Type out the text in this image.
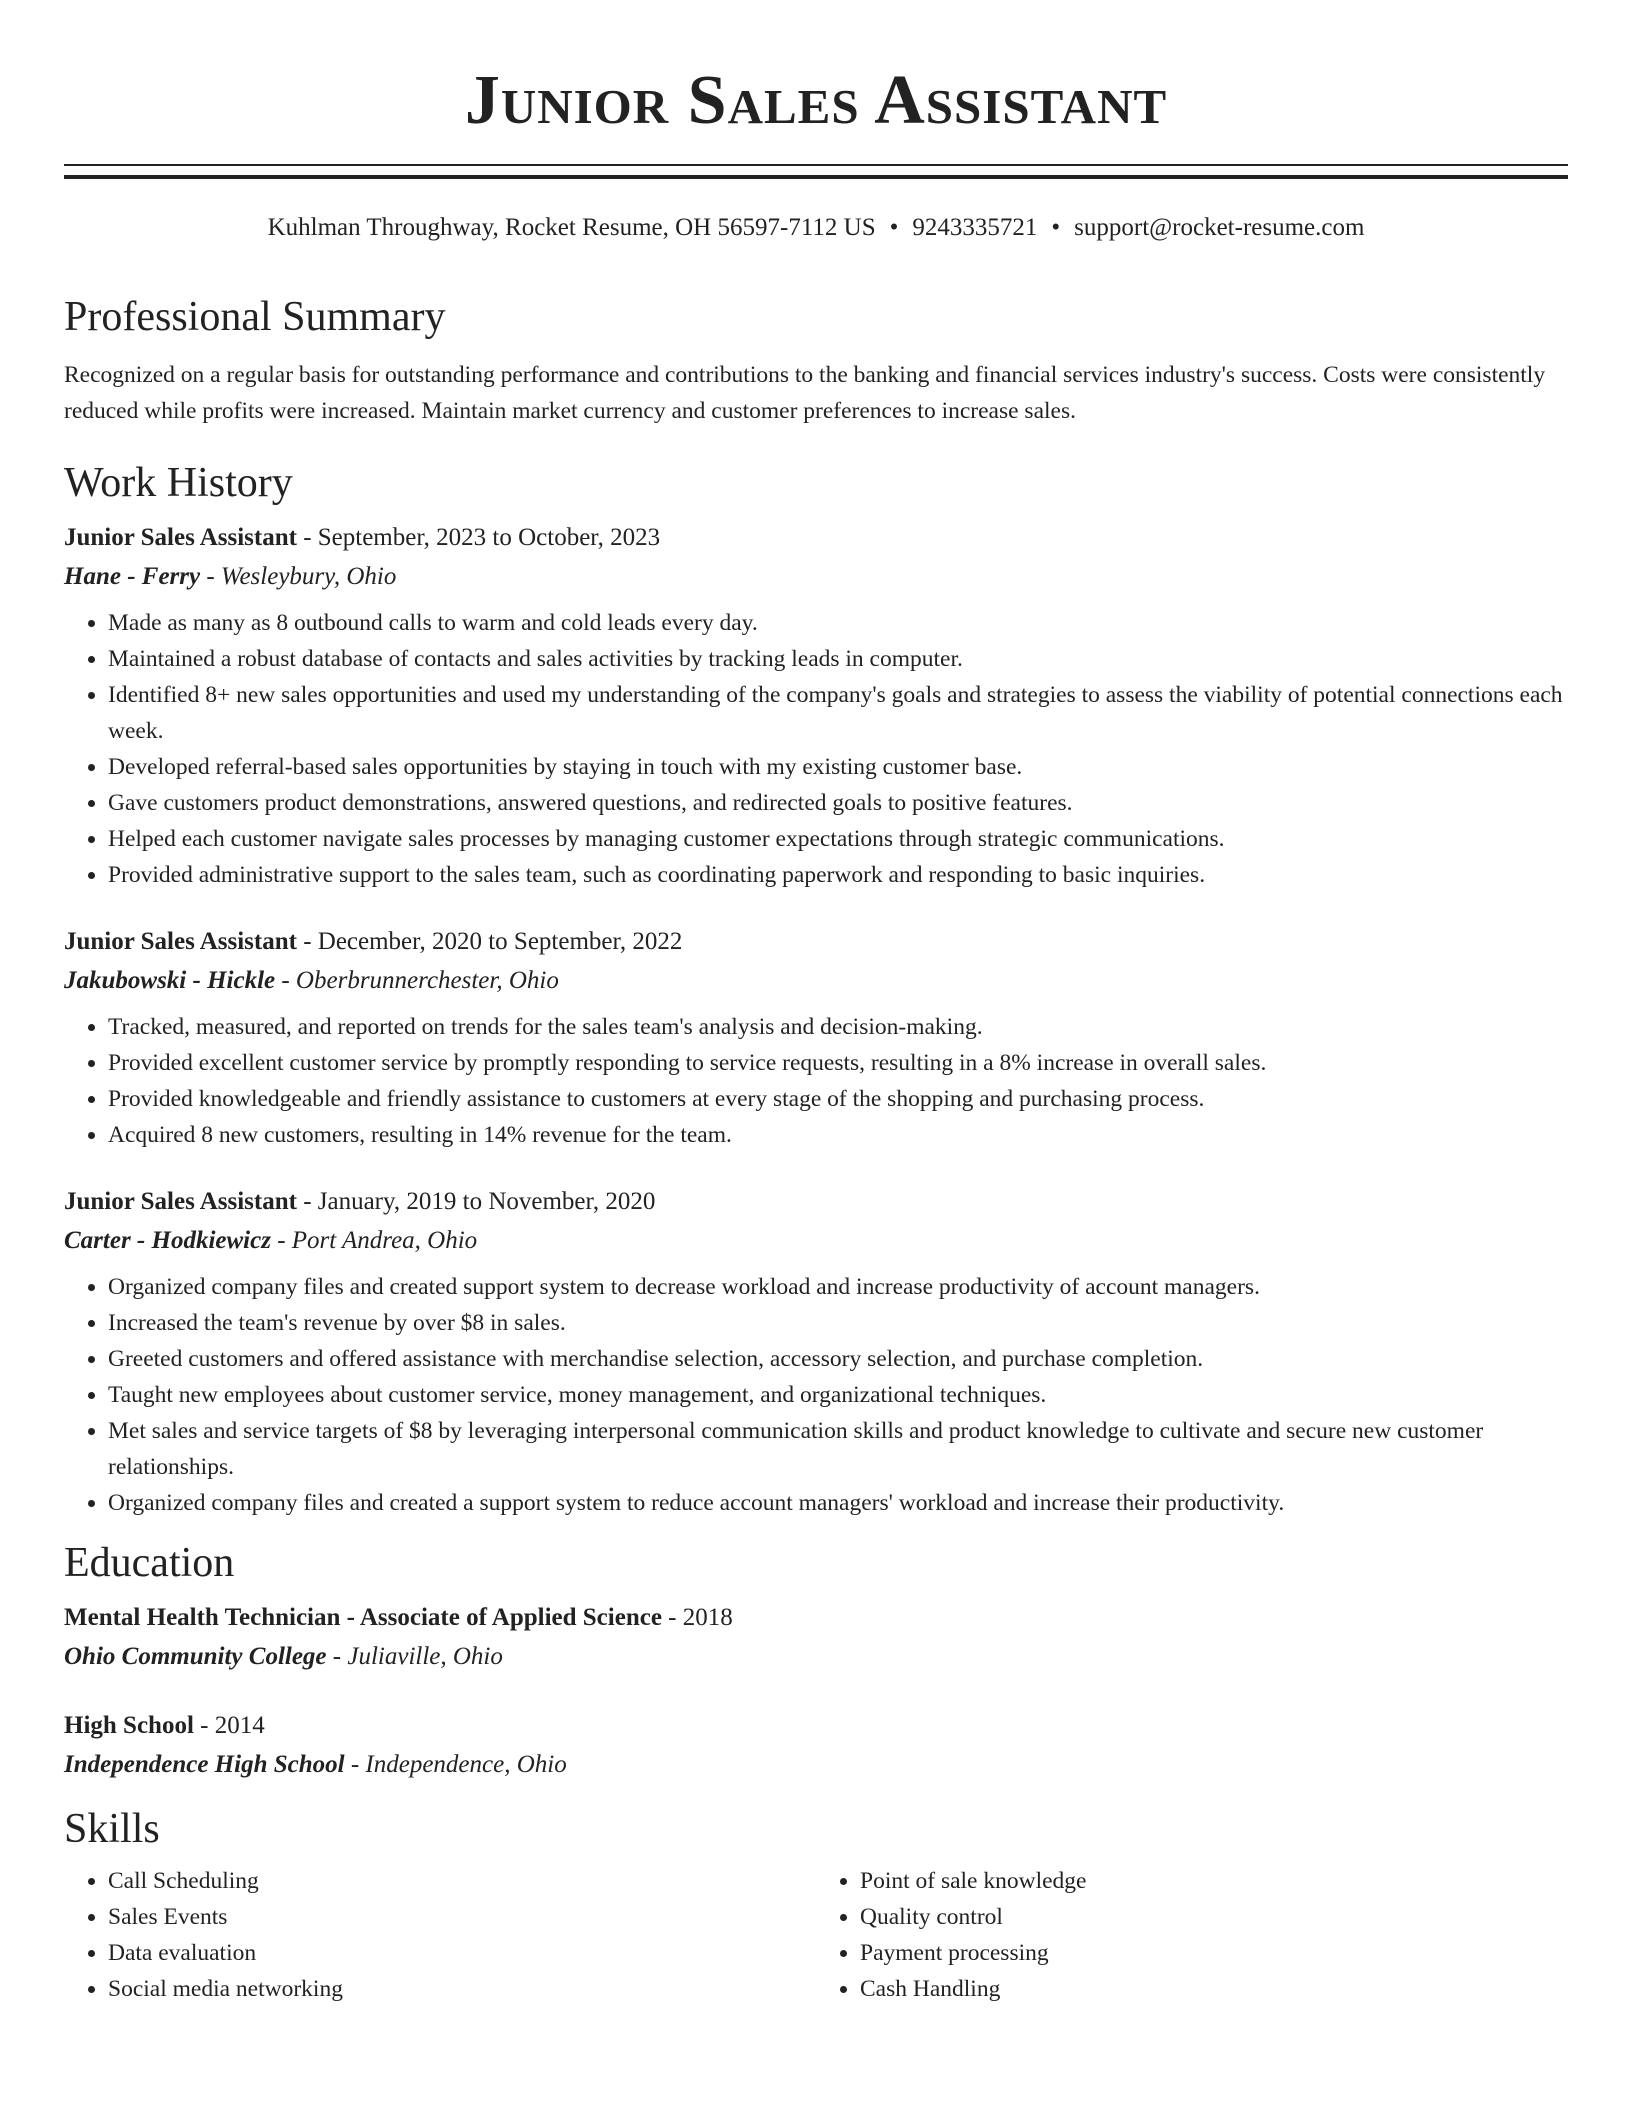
Junior Sales Assistant
Kuhlman Throughway, Rocket Resume, OH 56597-7112 US • 9243335721 • support@rocket-resume.com
Professional Summary
Recognized on a regular basis for outstanding performance and contributions to the banking and financial services industry's success. Costs were consistently reduced while profits were increased. Maintain market currency and customer preferences to increase sales.
Work History
Junior Sales Assistant - September, 2023 to October, 2023
Hane - Ferry - Wesleybury, Ohio
• Made as many as 8 outbound calls to warm and cold leads every day.
• Maintained a robust database of contacts and sales activities by tracking leads in computer.
• Identified 8+ new sales opportunities and used my understanding of the company's goals and strategies to assess the viability of potential connections each week.
• Developed referral-based sales opportunities by staying in touch with my existing customer base.
• Gave customers product demonstrations, answered questions, and redirected goals to positive features.
• Helped each customer navigate sales processes by managing customer expectations through strategic communications.
• Provided administrative support to the sales team, such as coordinating paperwork and responding to basic inquiries.
Junior Sales Assistant - December, 2020 to September, 2022
Jakubowski - Hickle - Oberbrunnerchester, Ohio
• Tracked, measured, and reported on trends for the sales team's analysis and decision-making.
• Provided excellent customer service by promptly responding to service requests, resulting in a 8% increase in overall sales.
• Provided knowledgeable and friendly assistance to customers at every stage of the shopping and purchasing process.
• Acquired 8 new customers, resulting in 14% revenue for the team.
Junior Sales Assistant - January, 2019 to November, 2020
Carter - Hodkiewicz - Port Andrea, Ohio
• Organized company files and created support system to decrease workload and increase productivity of account managers.
• Increased the team's revenue by over $8 in sales.
• Greeted customers and offered assistance with merchandise selection, accessory selection, and purchase completion.
• Taught new employees about customer service, money management, and organizational techniques.
• Met sales and service targets of $8 by leveraging interpersonal communication skills and product knowledge to cultivate and secure new customer relationships.
• Organized company files and created a support system to reduce account managers' workload and increase their productivity.
Education
Mental Health Technician - Associate of Applied Science - 2018
Ohio Community College - Juliaville, Ohio
High School - 2014
Independence High School - Independence, Ohio
Skills
• Call Scheduling
• Sales Events
• Data evaluation
• Social media networking
• Point of sale knowledge
• Quality control
• Payment processing
• Cash Handling
